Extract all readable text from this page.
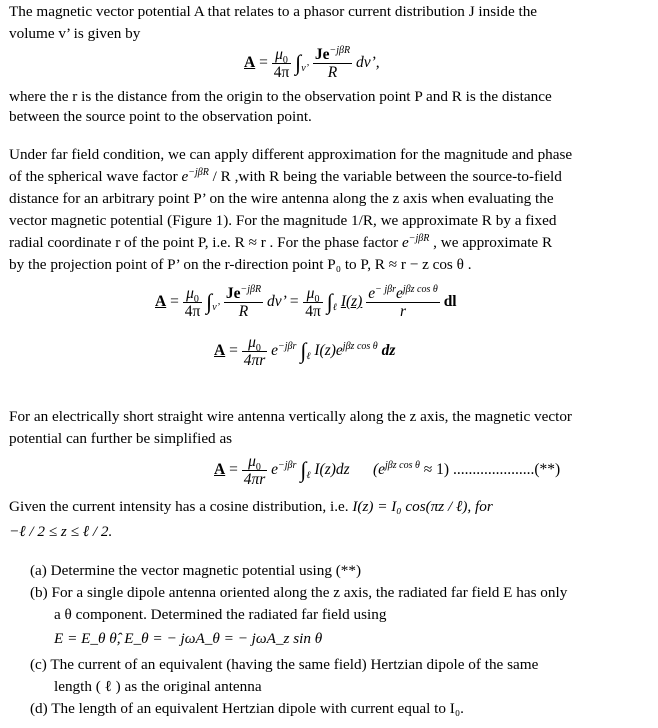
The magnetic vector potential A that relates to a phasor current distribution J inside the
volume v’ is given by
$A = \frac{\mu_0}{4\pi} \int_{v’} \frac{Je^{-j\beta R}}{R}$ dv’,
where the r is the distance from the origin to the observation point P and R is the distance
between the source point to the observation point.
Under far field condition, we can apply different approximation for the magnitude and phase
of the spherical wave factor $e^{-j\beta R}$ / R ,with R being the variable between the source-to-field
distance for an arbitrary point P’ on the wire antenna along the z axis when evaluating the
vector magnetic potential (Figure 1). For the magnitude 1/R, we approximate R by a fixed
radial coordinate r of the point P, i.e. R ≈ r . For the phase factor $e^{-j\beta R}$ , we approximate R
by the projection point of P’ on the r-direction point P₀ to P, R ≈ r − z cos θ .
$A = \frac{\mu_0}{4\pi} \int_{v’} \frac{Je^{-j\beta R}}{R}$ dv’ = $\frac{\mu_0}{4\pi} \int_\ell$ $I(z) \frac{e^{- j\beta r}e^{j\beta z cos \theta}}{r}$ dl
$A = \frac{\mu_0}{4\pi r} e^{-j\beta r}$ $\int_\ell$ $I(z)e^{j\beta z cos \theta}$ dz
For an electrically short straight wire antenna vertically along the z axis, the magnetic vector
potential can further be simplified as
$A = \frac{\mu_0}{4\pi r} e^{-j\beta r}$ $\int_\ell$ I(z)dz $(e^{j\beta z cos \theta} \approx 1)$ .....................(**)
Given the current intensity has a cosine distribution, i.e. I(z) = I₀ cos(πz / ℓ), for
−ℓ / 2 ≤ z ≤ ℓ / 2.
(a) Determine the vector magnetic potential using (**)
(b) For a single dipole antenna oriented along the z axis, the radiated far field E has only
a θ component. Determined the radiated far field using
E = E_θ θ̂, E_θ = − jωA_θ = − jωA_z sin θ
(c) The current of an equivalent (having the same field) Hertzian dipole of the same
length ( ℓ ) as the original antenna
(d) The length of an equivalent Hertzian dipole with current equal to I₀.
